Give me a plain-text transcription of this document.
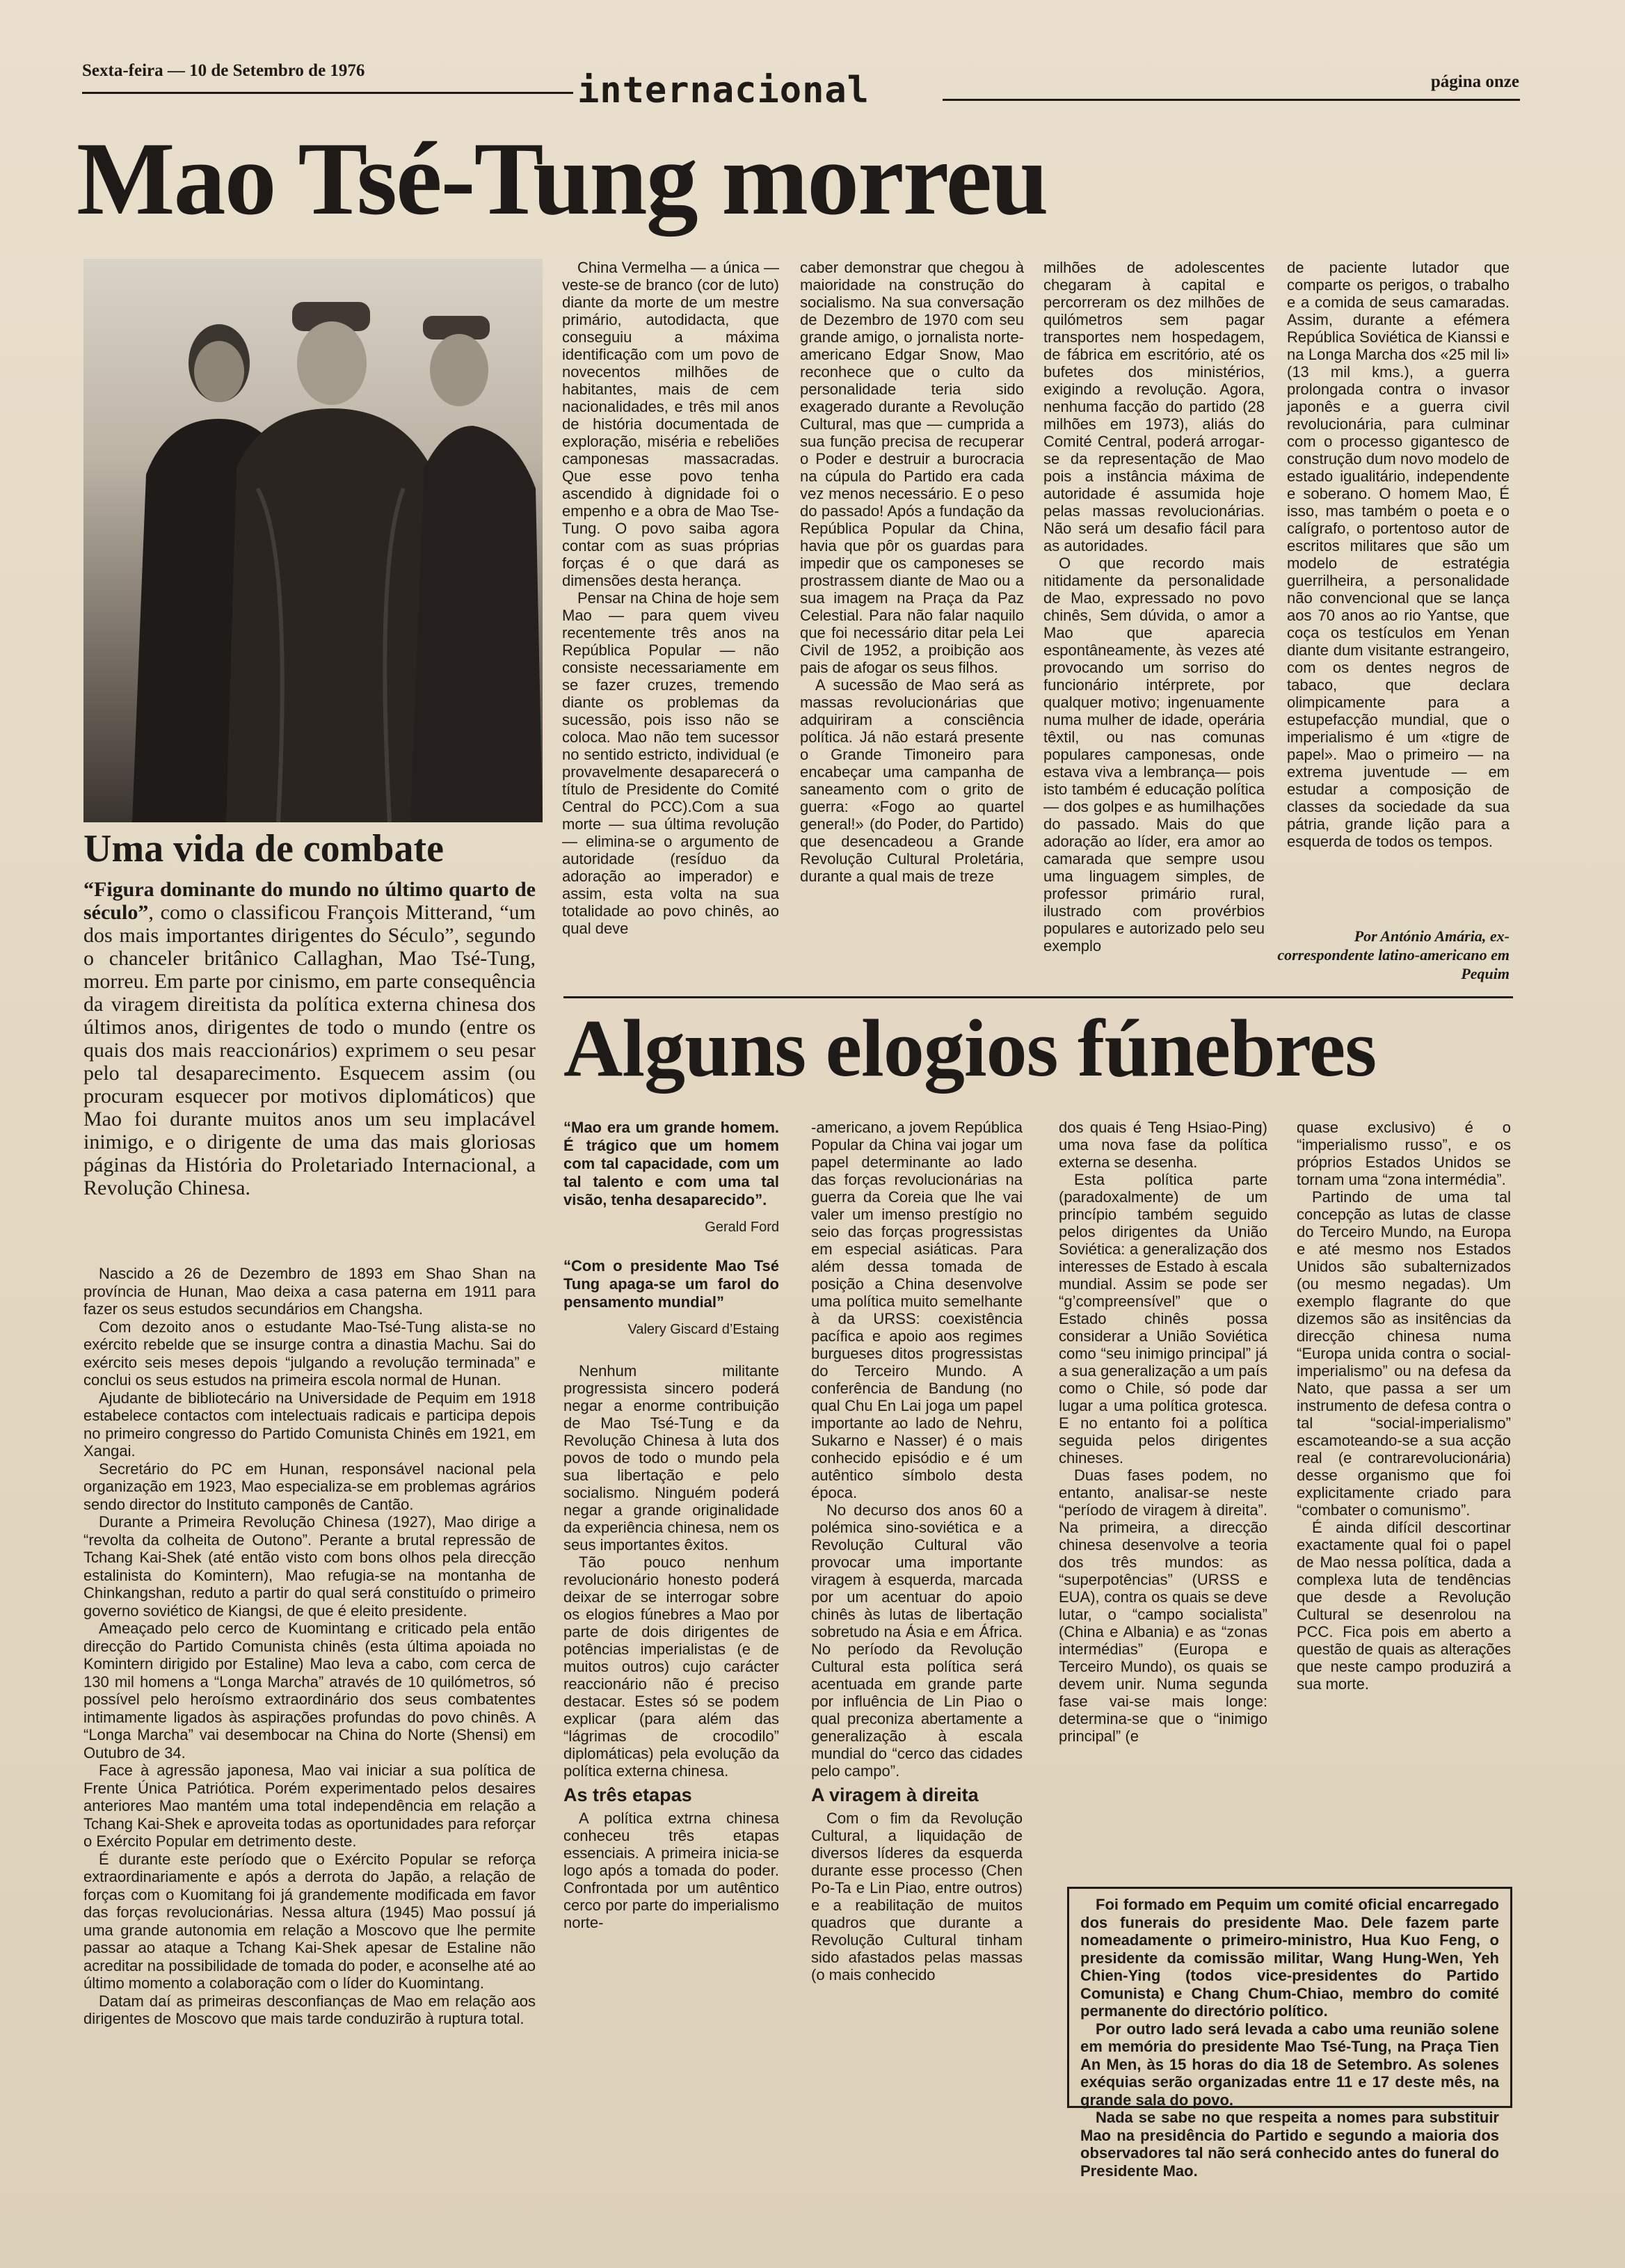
Sexta-feira — 10 de Setembro de 1976	internacional	página onze
Mao Tsé-Tung morreu
Uma vida de combate

“Figura dominante do mundo no último quarto de século”, como o classificou François Mitterand, “um dos mais importantes dirigentes do Século”, segundo o chanceler britânico Callaghan, Mao Tsé-Tung, morreu. Em parte por cinismo, em parte consequência da viragem direitista da política externa chinesa dos últimos anos, dirigentes de todo o mundo (entre os quais dos mais reaccionários) exprimem o seu pesar pelo tal desaparecimento. Esquecem assim (ou procuram esquecer por motivos diplomáticos) que Mao foi durante muitos anos um seu implacável inimigo, e o dirigente de uma das mais gloriosas páginas da História do Proletariado Internacional, a Revolução Chinesa.

Nascido a 26 de Dezembro de 1893 em Shao Shan na província de Hunan, Mao deixa a casa paterna em 1911 para fazer os seus estudos secundários em Changsha.

Com dezoito anos o estudante Mao-Tsé-Tung alista-se no exército rebelde que se insurge contra a dinastia Machu. Sai do exército seis meses depois “julgando a revolução terminada” e conclui os seus estudos na primeira escola normal de Hunan.

Ajudante de bibliotecário na Universidade de Pequim em 1918 estabelece contactos com intelectuais radicais e participa depois no primeiro congresso do Partido Comunista Chinês em 1921, em Xangai.

Secretário do PC em Hunan, responsável nacional pela organização em 1923, Mao especializa-se em problemas agrários sendo director do Instituto camponês de Cantão.

Durante a Primeira Revolução Chinesa (1927), Mao dirige a “revolta da colheita de Outono”. Perante a brutal repressão de Tchang Kai-Shek (até então visto com bons olhos pela direcção estalinista do Komintern), Mao refugia-se na montanha de Chinkangshan, reduto a partir do qual será constituído o primeiro governo soviético de Kiangsi, de que é eleito presidente.

Ameaçado pelo cerco de Kuomintang e criticado pela então direcção do Partido Comunista chinês (esta última apoiada no Komintern dirigido por Estaline) Mao leva a cabo, com cerca de 130 mil homens a “Longa Marcha” através de 10 quilómetros, só possível pelo heroísmo extraordinário dos seus combatentes intimamente ligados às aspirações profundas do povo chinês. A “Longa Marcha” vai desembocar na China do Norte (Shensi) em Outubro de 34.

Face à agressão japonesa, Mao vai iniciar a sua política de Frente Única Patriótica. Porém experimentado pelos desaires anteriores Mao mantém uma total independência em relação a Tchang Kai-Shek e aproveita todas as oportunidades para reforçar o Exército Popular em detrimento deste.

É durante este período que o Exército Popular se reforça extraordinariamente e após a derrota do Japão, a relação de forças com o Kuomitang foi já grandemente modificada em favor das forças revolucionárias. Nessa altura (1945) Mao possuí já uma grande autonomia em relação a Moscovo que lhe permite passar ao ataque a Tchang Kai-Shek apesar de Estaline não acreditar na possibilidade de tomada do poder, e aconselhe até ao último momento a colaboração com o líder do Kuomintang.

Datam daí as primeiras desconfianças de Mao em relação aos dirigentes de Moscovo que mais tarde conduzirão à ruptura total.

China Vermelha — a única — veste-se de branco (cor de luto) diante da morte de um mestre primário, autodidacta, que conseguiu a máxima identificação com um povo de novecentos milhões de habitantes, mais de cem nacionalidades, e três mil anos de história documentada de exploração, miséria e rebeliões camponesas massacradas. Que esse povo tenha ascendido à dignidade foi o empenho e a obra de Mao Tse-Tung. O povo saiba agora contar com as suas próprias forças é o que dará as dimensões desta herança.

Pensar na China de hoje sem Mao — para quem viveu recentemente três anos na República Popular — não consiste necessariamente em se fazer cruzes, tremendo diante os problemas da sucessão, pois isso não se coloca. Mao não tem sucessor no sentido estricto, individual (e provavelmente desaparecerá o título de Presidente do Comité Central do PCC).Com a sua morte — sua última revolução — elimina-se o argumento de autoridade (resíduo da adoração ao imperador) e assim, esta volta na sua totalidade ao povo chinês, ao qual deve

caber demonstrar que chegou à maioridade na construção do socialismo. Na sua conversação de Dezembro de 1970 com seu grande amigo, o jornalista norte-americano Edgar Snow, Mao reconhece que o culto da personalidade teria sido exagerado durante a Revolução Cultural, mas que — cumprida a sua função precisa de recuperar o Poder e destruir a burocracia na cúpula do Partido era cada vez menos necessário. E o peso do passado! Após a fundação da República Popular da China, havia que pôr os guardas para impedir que os camponeses se prostrassem diante de Mao ou a sua imagem na Praça da Paz Celestial. Para não falar naquilo que foi necessário ditar pela Lei Civil de 1952, a proibição aos pais de afogar os seus filhos.

A sucessão de Mao será as massas revolucionárias que adquiriram a consciência política. Já não estará presente o Grande Timoneiro para encabeçar uma campanha de saneamento com o grito de guerra: «Fogo ao quartel general!» (do Poder, do Partido) que desencadeou a Grande Revolução Cultural Proletária, durante a qual mais de treze

milhões de adolescentes chegaram à capital e percorreram os dez milhões de quilómetros sem pagar transportes nem hospedagem, de fábrica em escritório, até os bufetes dos ministérios, exigindo a revolução. Agora, nenhuma facção do partido (28 milhões em 1973), aliás do Comité Central, poderá arrogar-se da representação de Mao pois a instância máxima de autoridade é assumida hoje pelas massas revolucionárias. Não será um desafio fácil para as autoridades.

O que recordo mais nitidamente da personalidade de Mao, expressado no povo chinês, Sem dúvida, o amor a Mao que aparecia espontâneamente, às vezes até provocando um sorriso do funcionário intérprete, por qualquer motivo; ingenuamente numa mulher de idade, operária têxtil, ou nas comunas populares camponesas, onde estava viva a lembrança— pois isto também é educação política — dos golpes e as humilhações do passado. Mais do que adoração ao líder, era amor ao camarada que sempre usou uma linguagem simples, de professor primário rural, ilustrado com provérbios populares e autorizado pelo seu exemplo

de paciente lutador que comparte os perigos, o trabalho e a comida de seus camaradas. Assim, durante a efémera República Soviética de Kianssi e na Longa Marcha dos «25 mil li» (13 mil kms.), a guerra prolongada contra o invasor japonês e a guerra civil revolucionária, para culminar com o processo gigantesco de construção dum novo modelo de estado igualitário, independente e soberano. O homem Mao, É isso, mas também o poeta e o calígrafo, o portentoso autor de escritos militares que são um modelo de estratégia guerrilheira, a personalidade não convencional que se lança aos 70 anos ao rio Yantse, que coça os testículos em Yenan diante dum visitante estrangeiro, com os dentes negros de tabaco, que declara olimpicamente para a estupefacção mundial, que o imperialismo é um «tigre de papel». Mao o primeiro — na extrema juventude — em estudar a composição de classes da sociedade da sua pátria, grande lição para a esquerda de todos os tempos.

Por António Amária, ex-correspondente latino-americano em Pequim
Alguns elogios fúnebres
“Mao era um grande homem. É trágico que um homem com tal capacidade, com um tal talento e com uma tal visão, tenha desaparecido”.
Gerald Ford
“Com o presidente Mao Tsé Tung apaga-se um farol do pensamento mundial”
Valery Giscard d’Estaing

Nenhum militante progressista sincero poderá negar a enorme contribuição de Mao Tsé-Tung e da Revolução Chinesa à luta dos povos de todo o mundo pela sua libertação e pelo socialismo. Ninguém poderá negar a grande originalidade da experiência chinesa, nem os seus importantes êxitos.

Tão pouco nenhum revolucionário honesto poderá deixar de se interrogar sobre os elogios fúnebres a Mao por parte de dois dirigentes de potências imperialistas (e de muitos outros) cujo carácter reaccionário não é preciso destacar. Estes só se podem explicar (para além das “lágrimas de crocodilo” diplomáticas) pela evolução da política externa chinesa.

As três etapas

A política extrna chinesa conheceu três etapas essenciais. A primeira inicia-se logo após a tomada do poder. Confrontada por um autêntico cerco por parte do imperialismo norte-

-americano, a jovem República Popular da China vai jogar um papel determinante ao lado das forças revolucionárias na guerra da Coreia que lhe vai valer um imenso prestígio no seio das forças progressistas em especial asiáticas. Para além dessa tomada de posição a China desenvolve uma política muito semelhante à da URSS: coexistência pacífica e apoio aos regimes burgueses ditos progressistas do Terceiro Mundo. A conferência de Bandung (no qual Chu En Lai joga um papel importante ao lado de Nehru, Sukarno e Nasser) é o mais conhecido episódio e é um autêntico símbolo desta época.

No decurso dos anos 60 a polémica sino-soviética e a Revolução Cultural vão provocar uma importante viragem à esquerda, marcada por um acentuar do apoio chinês às lutas de libertação sobretudo na Ásia e em África. No período da Revolução Cultural esta política será acentuada em grande parte por influência de Lin Piao o qual preconiza abertamente a generalização à escala mundial do “cerco das cidades pelo campo”.

A viragem à direita

Com o fim da Revolução Cultural, a liquidação de diversos líderes da esquerda durante esse processo (Chen Po-Ta e Lin Piao, entre outros) e a reabilitação de muitos quadros que durante a Revolução Cultural tinham sido afastados pelas massas (o mais conhecido

dos quais é Teng Hsiao-Ping) uma nova fase da política externa se desenha.

Esta política parte (paradoxalmente) de um princípio também seguido pelos dirigentes da União Soviética: a generalização dos interesses de Estado à escala mundial. Assim se pode ser “g’compreensível” que o Estado chinês possa considerar a União Soviética como “seu inimigo principal” já a sua generalização a um país como o Chile, só pode dar lugar a uma política grotesca. E no entanto foi a política seguida pelos dirigentes chineses.

Duas fases podem, no entanto, analisar-se neste “período de viragem à direita”. Na primeira, a direcção chinesa desenvolve a teoria dos três mundos: as “superpotências” (URSS e EUA), contra os quais se deve lutar, o “campo socialista” (China e Albania) e as “zonas intermédias” (Europa e Terceiro Mundo), os quais se devem unir. Numa segunda fase vai-se mais longe: determina-se que o “inimigo principal” (e

quase exclusivo) é o “imperialismo russo”, e os próprios Estados Unidos se tornam uma “zona intermédia”.

Partindo de uma tal concepção as lutas de classe do Terceiro Mundo, na Europa e até mesmo nos Estados Unidos são subalternizados (ou mesmo negadas). Um exemplo flagrante do que dizemos são as insitências da direcção chinesa numa “Europa unida contra o social-imperialismo” ou na defesa da Nato, que passa a ser um instrumento de defesa contra o tal “social-imperialismo” escamoteando-se a sua acção real (e contrarevolucionária) desse organismo que foi explicitamente criado para “combater o comunismo”.

É ainda difícil descortinar exactamente qual foi o papel de Mao nessa política, dada a complexa luta de tendências que desde a Revolução Cultural se desenrolou na PCC. Fica pois em aberto a questão de quais as alterações que neste campo produzirá a sua morte.

Foi formado em Pequim um comité oficial encarregado dos funerais do presidente Mao. Dele fazem parte nomeadamente o primeiro-ministro, Hua Kuo Feng, o presidente da comissão militar, Wang Hung-Wen, Yeh Chien-Ying (todos vice-presidentes do Partido Comunista) e Chang Chum-Chiao, membro do comité permanente do directório político.

Por outro lado será levada a cabo uma reunião solene em memória do presidente Mao Tsé-Tung, na Praça Tien An Men, às 15 horas do dia 18 de Setembro. As solenes exéquias serão organizadas entre 11 e 17 deste mês, na grande sala do povo.

Nada se sabe no que respeita a nomes para substituir Mao na presidência do Partido e segundo a maioria dos observadores tal não será conhecido antes do funeral do Presidente Mao.
